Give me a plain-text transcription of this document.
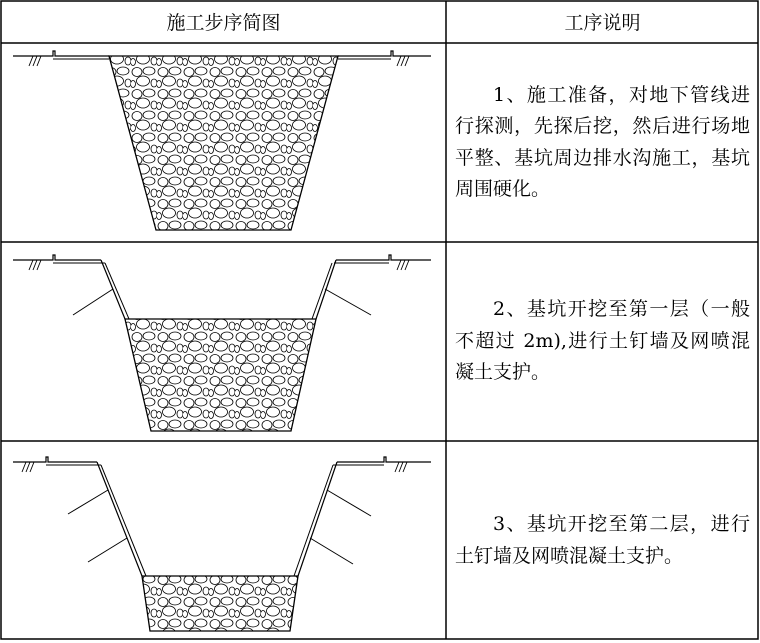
施工步序简图	工序说明

1、施工准备，对地下管线进行探测，先探后挖，然后进行场地平整、基坑周边排水沟施工，基坑周围硬化。

2、基坑开挖至第一层（一般不超过 2m),进行土钉墙及网喷混凝土支护。

3、基坑开挖至第二层，进行土钉墙及网喷混凝土支护。
